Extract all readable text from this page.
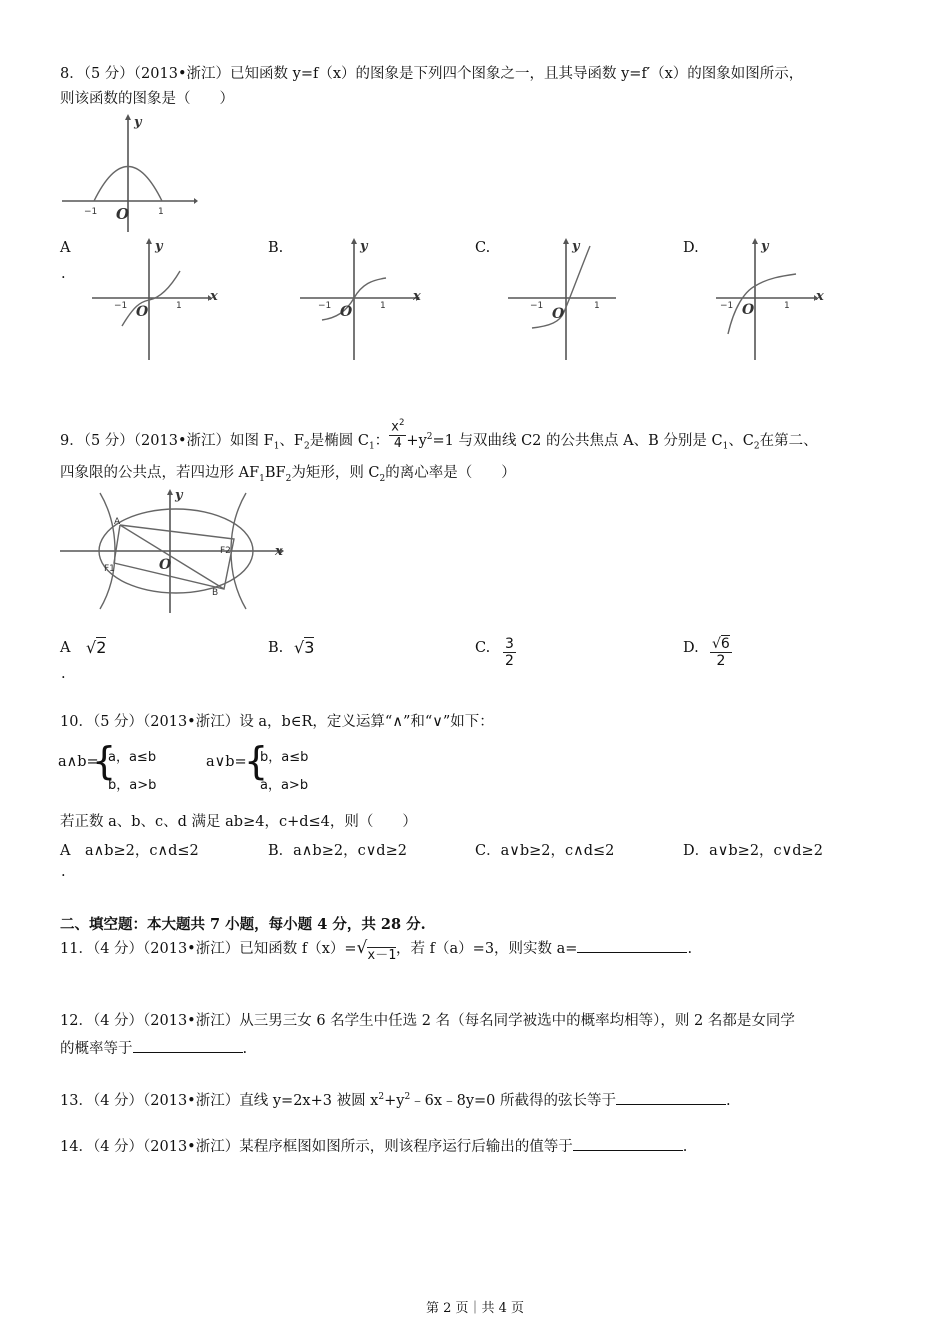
8．（5 分）（2013•浙江）已知函数 y=f（x）的图象是下列四个图象之一，且其导函数 y=f′（x）的图象如图所示，
则该函数的图象是（　　）
y
O
−1	1
A
.
B.	C.	D.
y
x
O
−1	1
y
x
O
−1	1
y
O
−1	1
y
x
O
−1	1
9．（5 分）（2013•浙江）如图 $F_1$、$F_2$是椭圆 $C_1$： $\frac{x^2}{4} +y^2=1$ 与双曲线 C2 的公共焦点 A、B 分别是 $C_1$、$C_2$在第二、
四象限的公共点，若四边形 $AF_1BF_2$为矩形，则 $C_2$的离心率是（　　）
A
F1
F2
B
O
y
x
A √2
.
B. √3	C. $\frac{3}{2}$	D. $\frac{√6}{2}$
10．（5 分）（2013•浙江）设 a，b∈R，定义运算“∧”和“∨”如下：
a∧b=
{
a，a≤b
b，a>b
a∨b=
{
b，a≤b
a，a>b
若正数 a、b、c、d 满足 ab≥4，c+d≤4，则（　　）
A　a∧b≥2，c∧d≤2
.
B．a∧b≥2，c∨d≥2	C．a∨b≥2，c∧d≤2	D．a∨b≥2，c∨d≥2
二、填空题：本大题共 7 小题，每小题 4 分，共 28 分.
11．（4 分）（2013•浙江）已知函数 f（x）=√x－1，若 f（a）=3，则实数 a=	.
12．（4 分）（2013•浙江）从三男三女 6 名学生中任选 2 名（每名同学被选中的概率均相等），则 2 名都是女同学
的概率等于	.
13．（4 分）（2013•浙江）直线 y=2x+3 被圆 $x^2+y^2﹣6x﹣8y=0$ 所截得的弦长等于	.
14．（4 分）（2013•浙江）某程序框图如图所示，则该程序运行后输出的值等于	.
第 2 页｜共 4 页
